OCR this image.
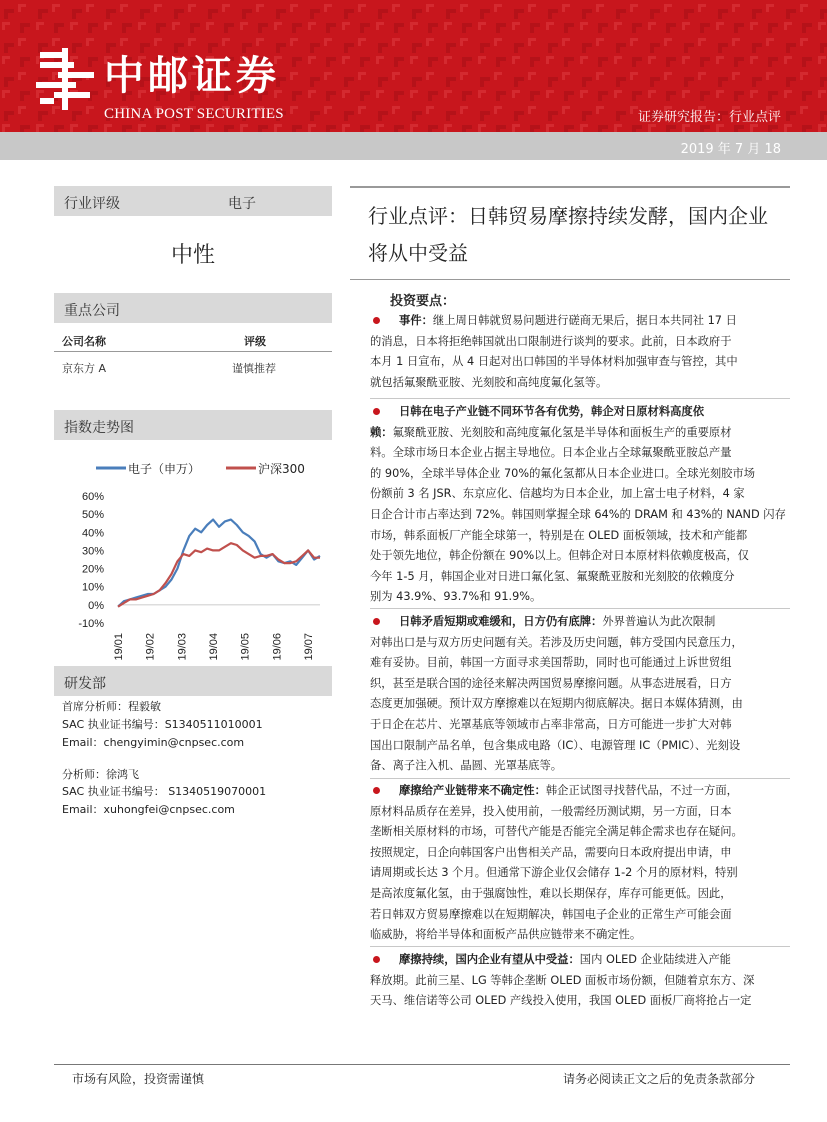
中邮证券
CHINA POST SECURITIES	证券研究报告：行业点评
2019 年 7 月 18
行业评级	电子
中性
重点公司
公司名称	评级
京东方 A	谨慎推荐
指数走势图
电子（申万）	沪深300
60%
50%
40%
30%
20%
10%
0%
-10%
19/01 19/02 19/03 19/04 19/05 19/06 19/07
研发部
首席分析师：程毅敏
SAC 执业证书编号：S1340511010001
Email：chengyimin@cnpsec.com
分析师：徐鸿飞
SAC 执业证书编号： S1340519070001
Email：xuhongfei@cnpsec.com
行业点评：日韩贸易摩擦持续发酵，国内企业
将从中受益
投资要点：
事件：继上周日韩就贸易问题进行磋商无果后，据日本共同社 17 日
的消息，日本将拒绝韩国就出口限制进行谈判的要求。此前，日本政府于
本月 1 日宣布，从 4 日起对出口韩国的半导体材料加强审查与管控，其中
就包括氟聚酰亚胺、光刻胶和高纯度氟化氢等。
日韩在电子产业链不同环节各有优势，韩企对日原材料高度依
赖：氟聚酰亚胺、光刻胶和高纯度氟化氢是半导体和面板生产的重要原材
料。全球市场日本企业占据主导地位。日本企业占全球氟聚酰亚胺总产量
的 90%，全球半导体企业 70%的氟化氢都从日本企业进口。全球光刻胶市场
份额前 3 名 JSR、东京应化、信越均为日本企业，加上富士电子材料，4 家
日企合计市占率达到 72%。韩国则掌握全球 64%的 DRAM 和 43%的 NAND 闪存
市场，韩系面板厂产能全球第一，特别是在 OLED 面板领域，技术和产能都
处于领先地位，韩企份额在 90%以上。但韩企对日本原材料依赖度极高，仅
今年 1-5 月，韩国企业对日进口氟化氢、氟聚酰亚胺和光刻胶的依赖度分
别为 43.9%、93.7%和 91.9%。
日韩矛盾短期或难缓和，日方仍有底牌：外界普遍认为此次限制
对韩出口是与双方历史问题有关。若涉及历史问题，韩方受国内民意压力，
难有妥协。目前，韩国一方面寻求美国帮助，同时也可能通过上诉世贸组
织，甚至是联合国的途径来解决两国贸易摩擦问题。从事态进展看，日方
态度更加强硬。预计双方摩擦难以在短期内彻底解决。据日本媒体猜测，由
于日企在芯片、光罩基底等领域市占率非常高，日方可能进一步扩大对韩
国出口限制产品名单，包含集成电路（IC）、电源管理 IC（PMIC）、光刻设
备、离子注入机、晶圆、光罩基底等。
摩擦给产业链带来不确定性：韩企正试图寻找替代品，不过一方面，
原材料品质存在差异，投入使用前，一般需经历测试期，另一方面，日本
垄断相关原材料的市场，可替代产能是否能完全满足韩企需求也存在疑问。
按照规定，日企向韩国客户出售相关产品，需要向日本政府提出申请，申
请周期或长达 3 个月。但通常下游企业仅会储存 1-2 个月的原材料，特别
是高浓度氟化氢，由于强腐蚀性，难以长期保存，库存可能更低。因此，
若日韩双方贸易摩擦难以在短期解决，韩国电子企业的正常生产可能会面
临威胁，将给半导体和面板产品供应链带来不确定性。
摩擦持续，国内企业有望从中受益：国内 OLED 企业陆续进入产能
释放期。此前三星、LG 等韩企垄断 OLED 面板市场份额，但随着京东方、深
天马、维信诺等公司 OLED 产线投入使用，我国 OLED 面板厂商将抢占一定
市场有风险，投资需谨慎	请务必阅读正文之后的免责条款部分
